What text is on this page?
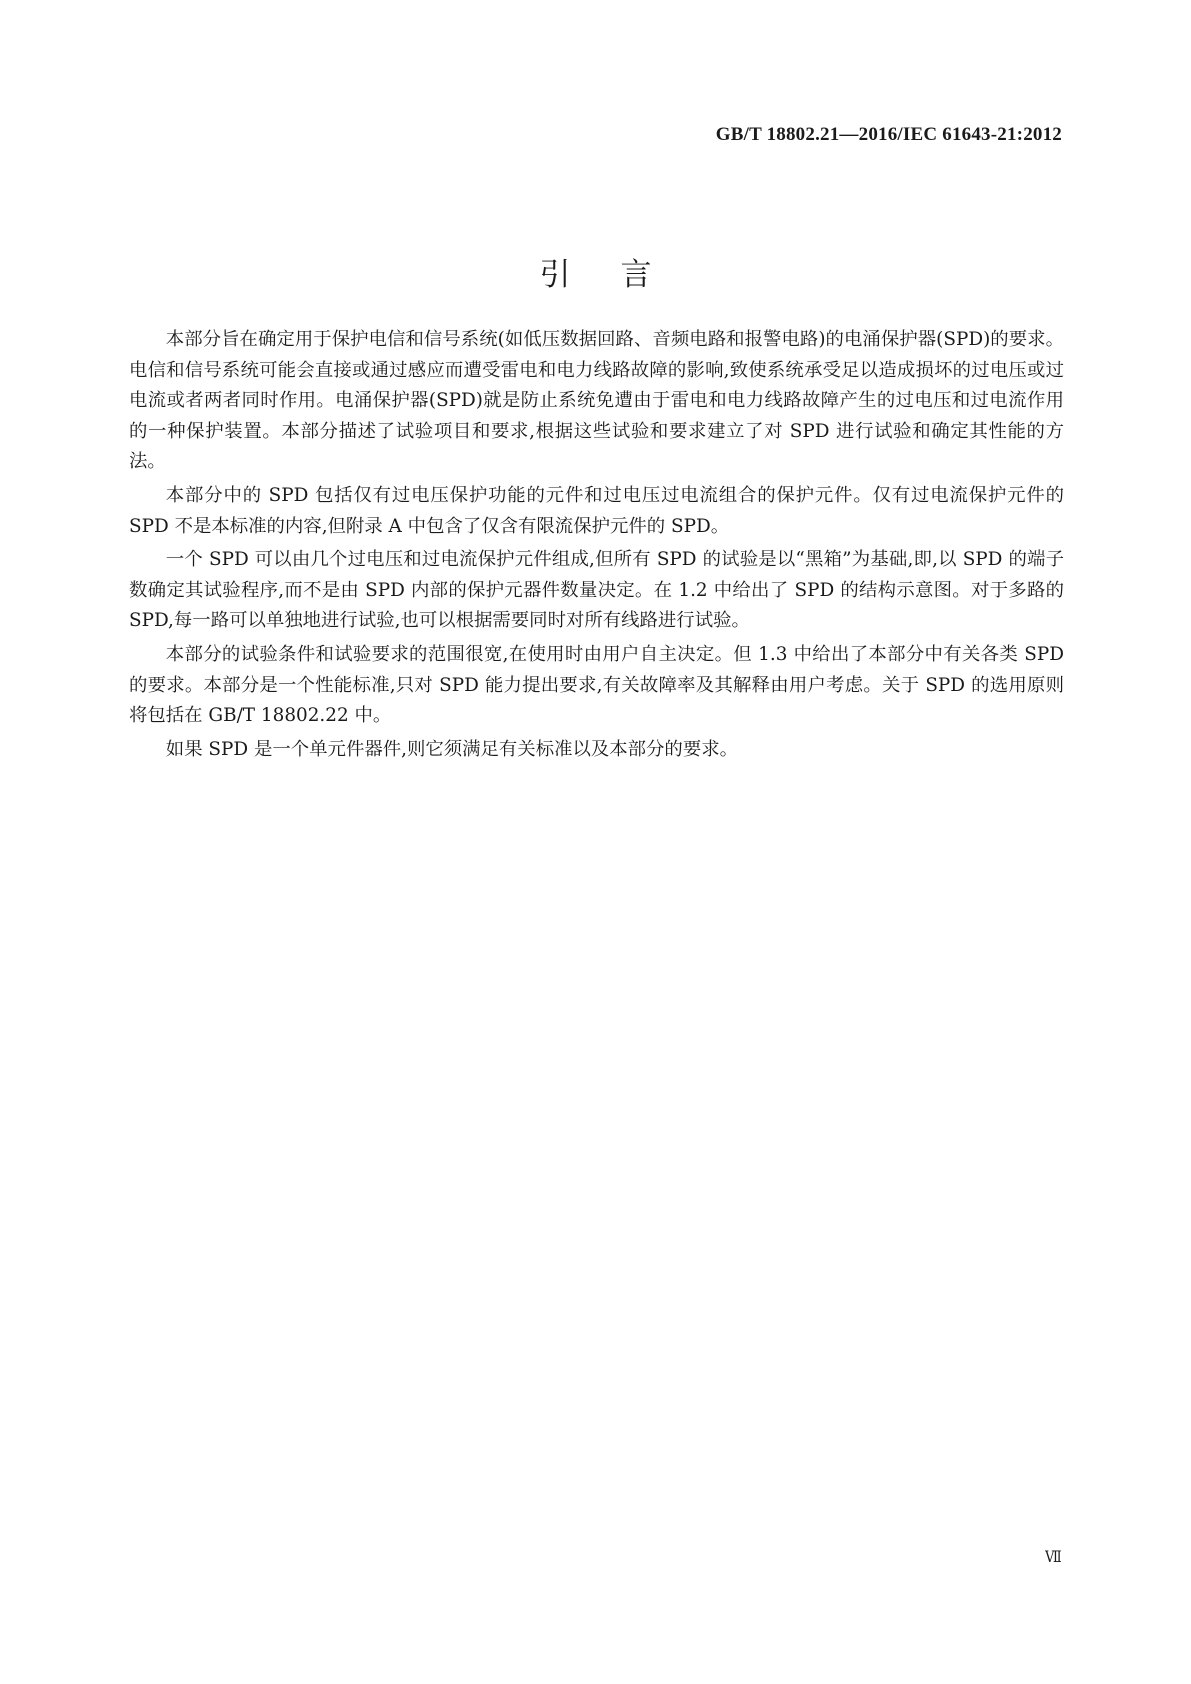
GB/T 18802.21—2016/IEC 61643-21:2012
引言

本部分旨在确定用于保护电信和信号系统(如低压数据回路、音频电路和报警电路)的电涌保护器(SPD)的要求。电信和信号系统可能会直接或通过感应而遭受雷电和电力线路故障的影响,致使系统承受足以造成损坏的过电压或过电流或者两者同时作用。电涌保护器(SPD)就是防止系统免遭由于雷电和电力线路故障产生的过电压和过电流作用的一种保护装置。本部分描述了试验项目和要求,根据这些试验和要求建立了对 SPD 进行试验和确定其性能的方法。

本部分中的 SPD 包括仅有过电压保护功能的元件和过电压过电流组合的保护元件。仅有过电流保护元件的 SPD 不是本标准的内容,但附录 A 中包含了仅含有限流保护元件的 SPD。

一个 SPD 可以由几个过电压和过电流保护元件组成,但所有 SPD 的试验是以“黑箱”为基础,即,以 SPD 的端子数确定其试验程序,而不是由 SPD 内部的保护元器件数量决定。在 1.2 中给出了 SPD 的结构示意图。对于多路的 SPD,每一路可以单独地进行试验,也可以根据需要同时对所有线路进行试验。

本部分的试验条件和试验要求的范围很宽,在使用时由用户自主决定。但 1.3 中给出了本部分中有关各类 SPD 的要求。本部分是一个性能标准,只对 SPD 能力提出要求,有关故障率及其解释由用户考虑。关于 SPD 的选用原则将包括在 GB/T 18802.22 中。

如果 SPD 是一个单元件器件,则它须满足有关标准以及本部分的要求。

Ⅶ
